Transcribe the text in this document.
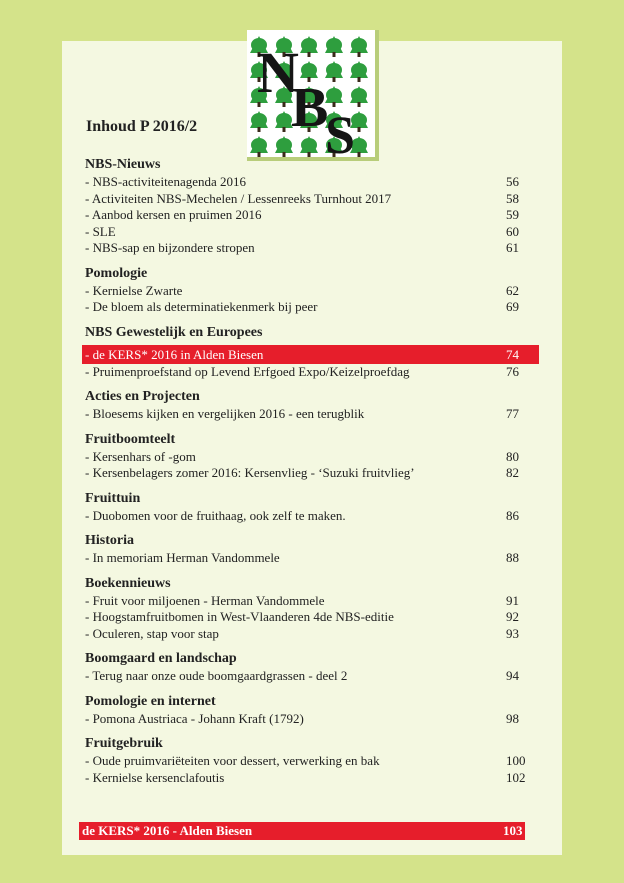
N
B
S
Inhoud P 2016/2
NBS-Nieuws
- NBS-activiteitenagenda 2016	56
- Activiteiten NBS-Mechelen / Lessenreeks Turnhout 2017	58
- Aanbod kersen en pruimen 2016	59
- SLE	60
- NBS-sap en bijzondere stropen	61
Pomologie
- Kernielse Zwarte	62
- De bloem als determinatiekenmerk bij peer	69
NBS Gewestelijk en Europees
- de KERS* 2016 in Alden Biesen	74
- Pruimenproefstand op Levend Erfgoed Expo/Keizelproefdag	76
Acties en Projecten
- Bloesems kijken en vergelijken 2016 - een terugblik	77
Fruitboomteelt
- Kersenhars of -gom	80
- Kersenbelagers zomer 2016: Kersenvlieg - ‘Suzuki fruitvlieg’	82
Fruittuin
- Duobomen voor de fruithaag, ook zelf te maken.	86
Historia
- In memoriam Herman Vandommele	88
Boekennieuws
- Fruit voor miljoenen - Herman Vandommele	91
- Hoogstamfruitbomen in West-Vlaanderen 4de NBS-editie	92
- Oculeren, stap voor stap	93
Boomgaard en landschap
- Terug naar onze oude boomgaardgrassen - deel 2	94
Pomologie en internet
- Pomona Austriaca - Johann Kraft (1792)	98
Fruitgebruik
- Oude pruimvariëteiten voor dessert, verwerking en bak	100
- Kernielse kersenclafoutis	102
de KERS* 2016 - Alden Biesen	103
